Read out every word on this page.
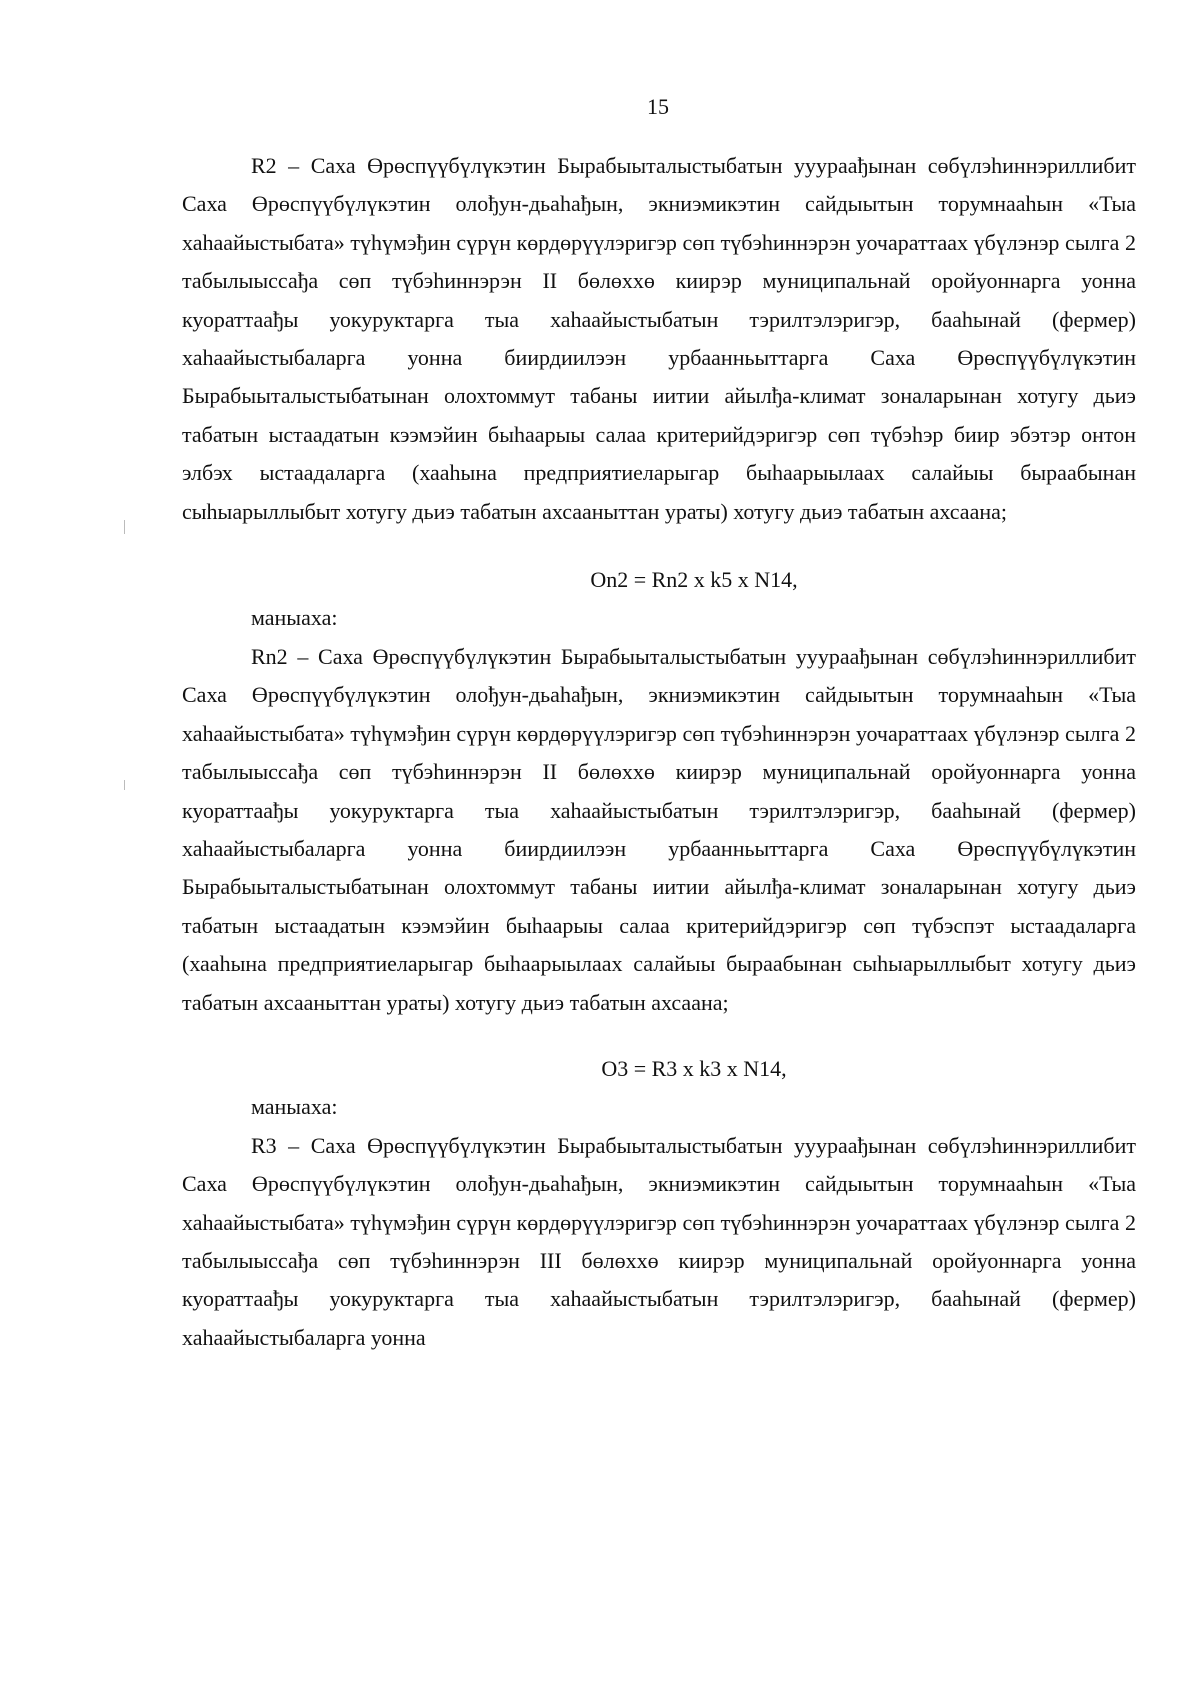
15

R2 – Саха Өрөспүүбүлүкэтин Бырабыыталыстыбатын ууураађынан сөбүлэhиннэриллибит Саха Өрөспүүбүлүкэтин олођун-дьаhађын, экниэмикэтин сайдыытын торумнааhын «Тыа хаhаайыстыбата» түhүмэђин сүрүн көрдөрүүлэригэр сөп түбэhиннэрэн уочараттаах үбүлэнэр сылга 2 табылыыссађа сөп түбэhиннэрэн II бөлөххө киирэр муниципальнай оройуоннарга уонна куораттаађы уокуруктарга тыа хаhаайыстыбатын тэрилтэлэригэр, бааhынай (фермер) хаhаайыстыбаларга уонна биирдиилээн урбаанньыттарга Саха Өрөспүүбүлүкэтин Бырабыыталыстыбатынан олохтоммут табаны иитии айылђа-климат зоналарынан хотугу дьиэ табатын ыстаадатын кээмэйин быhаарыы салаа критерийдэригэр сөп түбэhэр биир эбэтэр онтон элбэх ыстаадаларга (хааhына предприятиеларыгар быhаарыылаах салайыы быраабынан сыhыарыллыбыт хотугу дьиэ табатын ахсааныттан ураты) хотугу дьиэ табатын ахсаана;

On2 = Rn2 x k5 x N14,

маныаха:

Rn2 – Саха Өрөспүүбүлүкэтин Бырабыыталыстыбатын ууураађынан сөбүлэhиннэриллибит Саха Өрөспүүбүлүкэтин олођун-дьаhађын, экниэмикэтин сайдыытын торумнааhын «Тыа хаhаайыстыбата» түhүмэђин сүрүн көрдөрүүлэригэр сөп түбэhиннэрэн уочараттаах үбүлэнэр сылга 2 табылыыссађа сөп түбэhиннэрэн II бөлөххө киирэр муниципальнай оройуоннарга уонна куораттаађы уокуруктарга тыа хаhаайыстыбатын тэрилтэлэригэр, бааhынай (фермер) хаhаайыстыбаларга уонна биирдиилээн урбаанньыттарга Саха Өрөспүүбүлүкэтин Бырабыыталыстыбатынан олохтоммут табаны иитии айылђа-климат зоналарынан хотугу дьиэ табатын ыстаадатын кээмэйин быhаарыы салаа критерийдэригэр сөп түбэспэт ыстаадаларга (хааhына предприятиеларыгар быhаарыылаах салайыы быраабынан сыhыарыллыбыт хотугу дьиэ табатын ахсааныттан ураты) хотугу дьиэ табатын ахсаана;

O3 = R3 x k3 x N14,

маныаха:

R3 – Саха Өрөспүүбүлүкэтин Бырабыыталыстыбатын ууураађынан сөбүлэhиннэриллибит Саха Өрөспүүбүлүкэтин олођун-дьаhађын, экниэмикэтин сайдыытын торумнааhын «Тыа хаhаайыстыбата» түhүмэђин сүрүн көрдөрүүлэригэр сөп түбэhиннэрэн уочараттаах үбүлэнэр сылга 2 табылыыссађа сөп түбэhиннэрэн III бөлөххө киирэр муниципальнай оройуоннарга уонна куораттаађы уокуруктарга тыа хаhаайыстыбатын тэрилтэлэригэр, бааhынай (фермер) хаhаайыстыбаларга уонна
